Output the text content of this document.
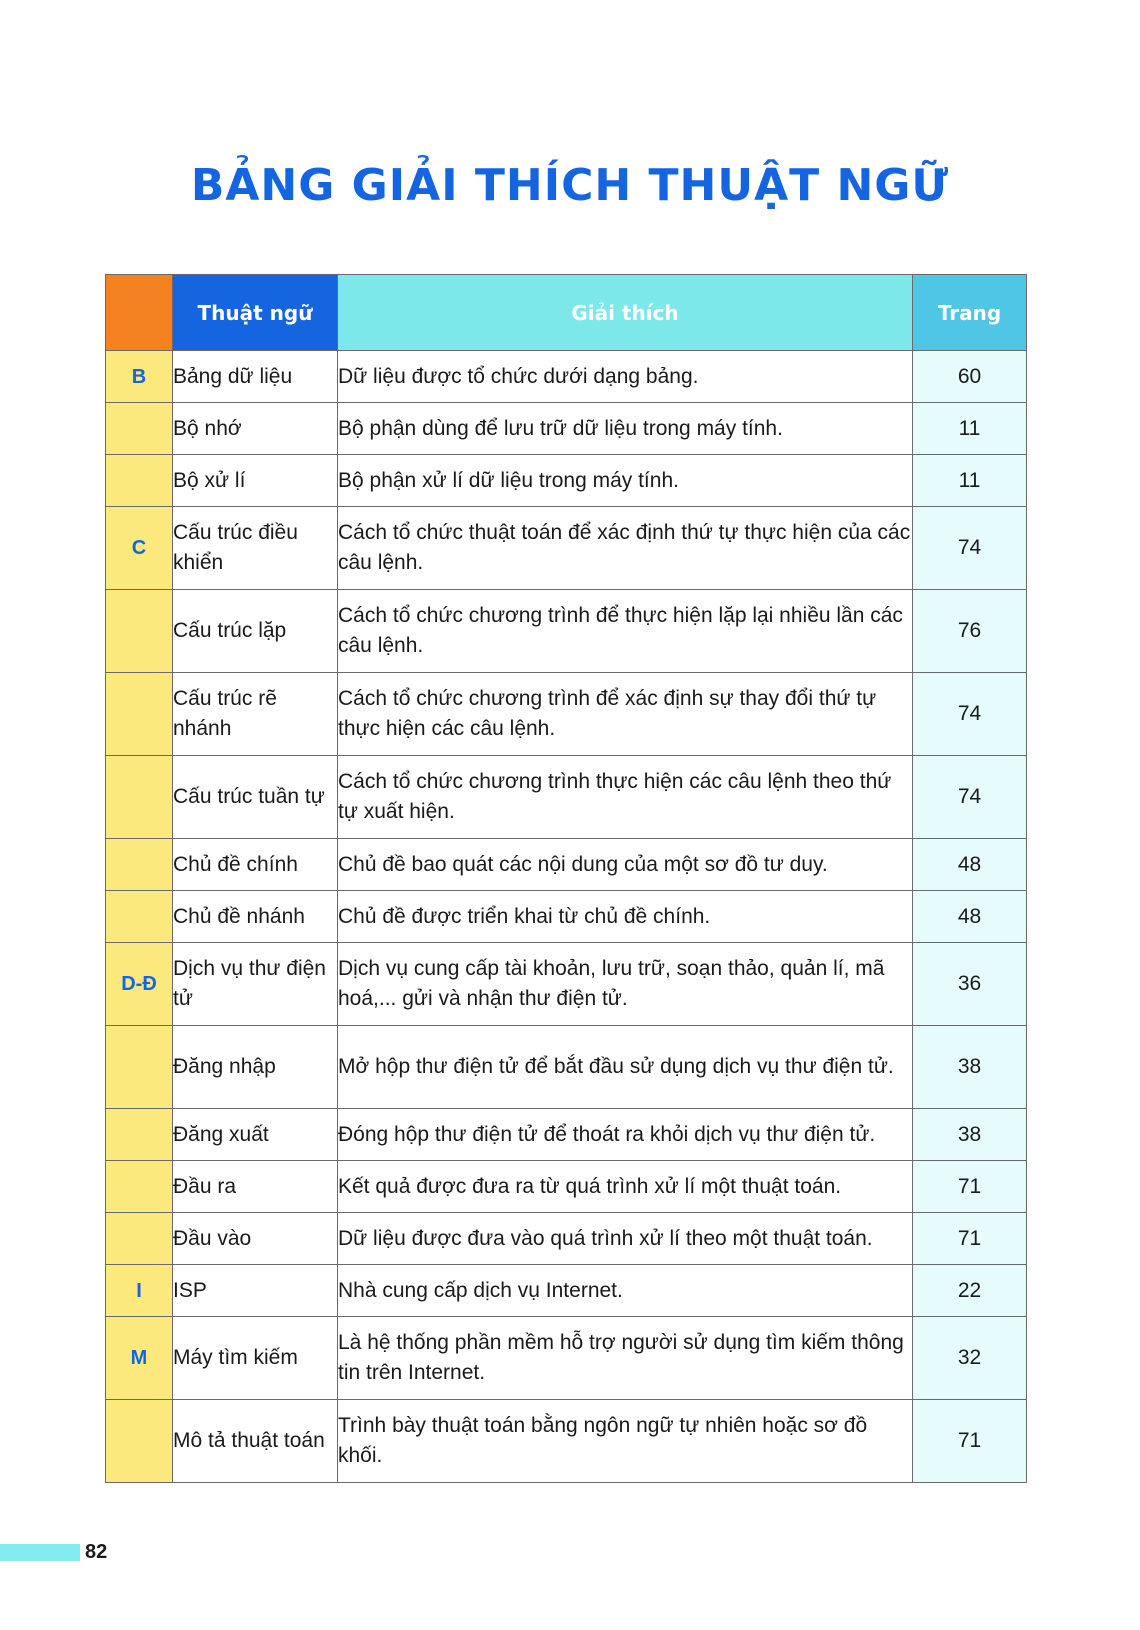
BẢNG GIẢI THÍCH THUẬT NGỮ
	Thuật ngữ	Giải thích	Trang
B	Bảng dữ liệu	Dữ liệu được tổ chức dưới dạng bảng.	60
	Bộ nhớ	Bộ phận dùng để lưu trữ dữ liệu trong máy tính.	11
	Bộ xử lí	Bộ phận xử lí dữ liệu trong máy tính.	11
C	Cấu trúc điều khiển	Cách tổ chức thuật toán để xác định thứ tự thực hiện của các câu lệnh.	74
	Cấu trúc lặp	Cách tổ chức chương trình để thực hiện lặp lại nhiều lần các câu lệnh.	76
	Cấu trúc rẽ nhánh	Cách tổ chức chương trình để xác định sự thay đổi thứ tự thực hiện các câu lệnh.	74
	Cấu trúc tuần tự	Cách tổ chức chương trình thực hiện các câu lệnh theo thứ tự xuất hiện.	74
	Chủ đề chính	Chủ đề bao quát các nội dung của một sơ đồ tư duy.	48
	Chủ đề nhánh	Chủ đề được triển khai từ chủ đề chính.	48
D-Đ	Dịch vụ thư điện tử	Dịch vụ cung cấp tài khoản, lưu trữ, soạn thảo, quản lí, mã hoá,... gửi và nhận thư điện tử.	36
	Đăng nhập	Mở hộp thư điện tử để bắt đầu sử dụng dịch vụ thư điện tử.	38
	Đăng xuất	Đóng hộp thư điện tử để thoát ra khỏi dịch vụ thư điện tử.	38
	Đầu ra	Kết quả được đưa ra từ quá trình xử lí một thuật toán.	71
	Đầu vào	Dữ liệu được đưa vào quá trình xử lí theo một thuật toán.	71
I	ISP	Nhà cung cấp dịch vụ Internet.	22
M	Máy tìm kiếm	Là hệ thống phần mềm hỗ trợ người sử dụng tìm kiếm thông tin trên Internet.	32
	Mô tả thuật toán	Trình bày thuật toán bằng ngôn ngữ tự nhiên hoặc sơ đồ khối.	71
82
